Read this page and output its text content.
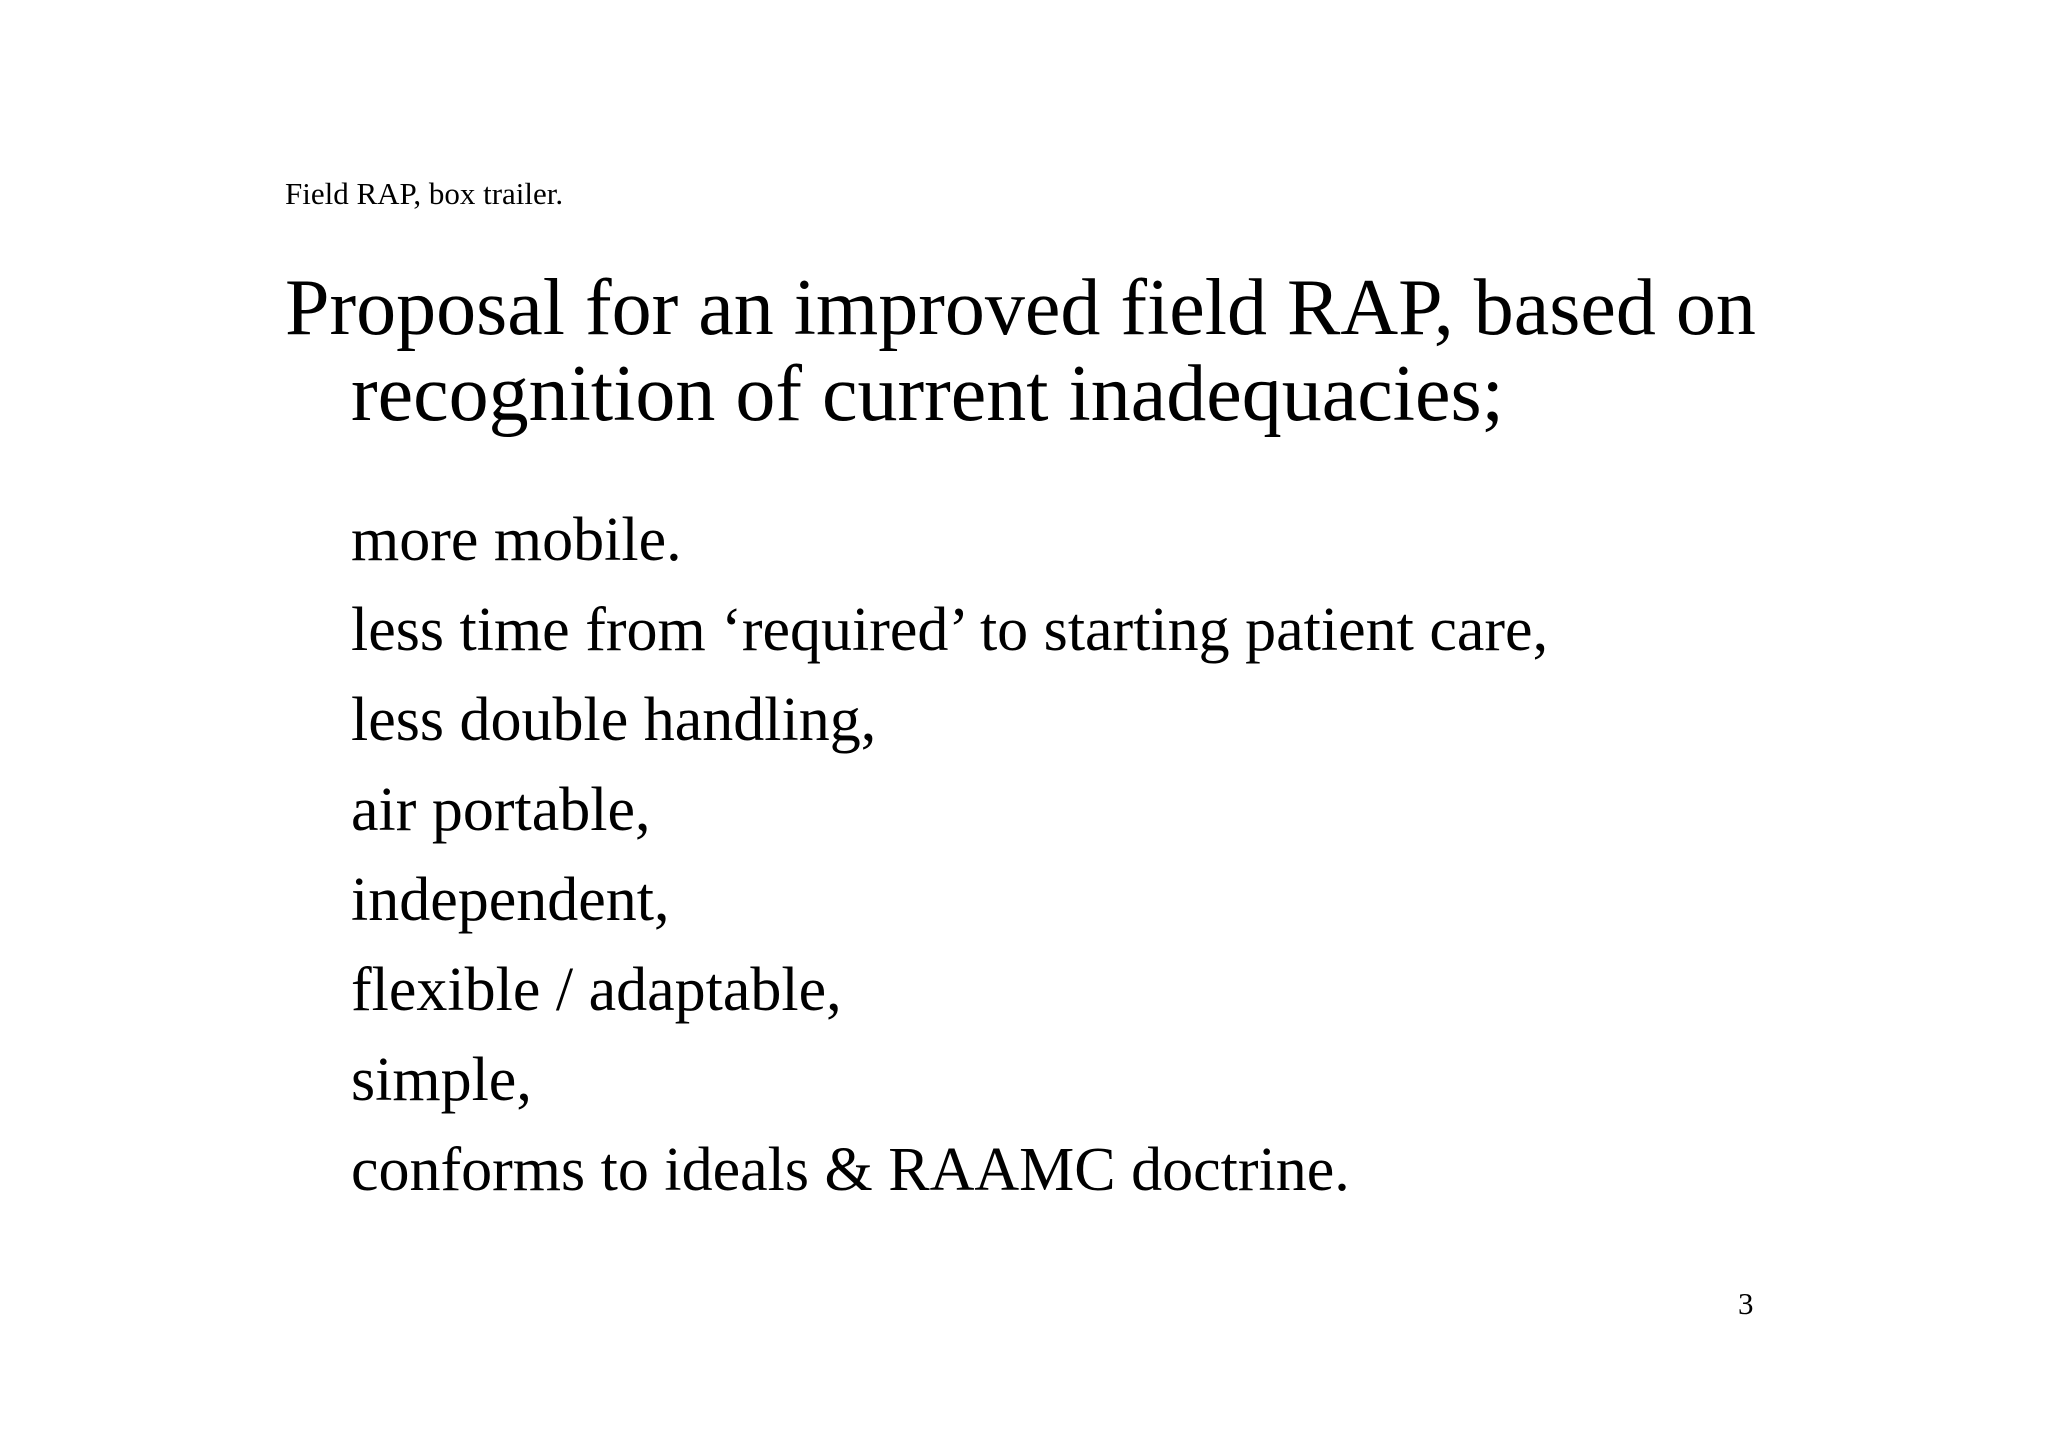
Field RAP, box trailer.
Proposal for an improved field RAP, based on
recognition of current inadequacies;
more mobile.
less time from ‘required’ to starting patient care,
less double handling,
air portable,
independent,
flexible / adaptable,
simple,
conforms to ideals & RAAMC doctrine.
3
